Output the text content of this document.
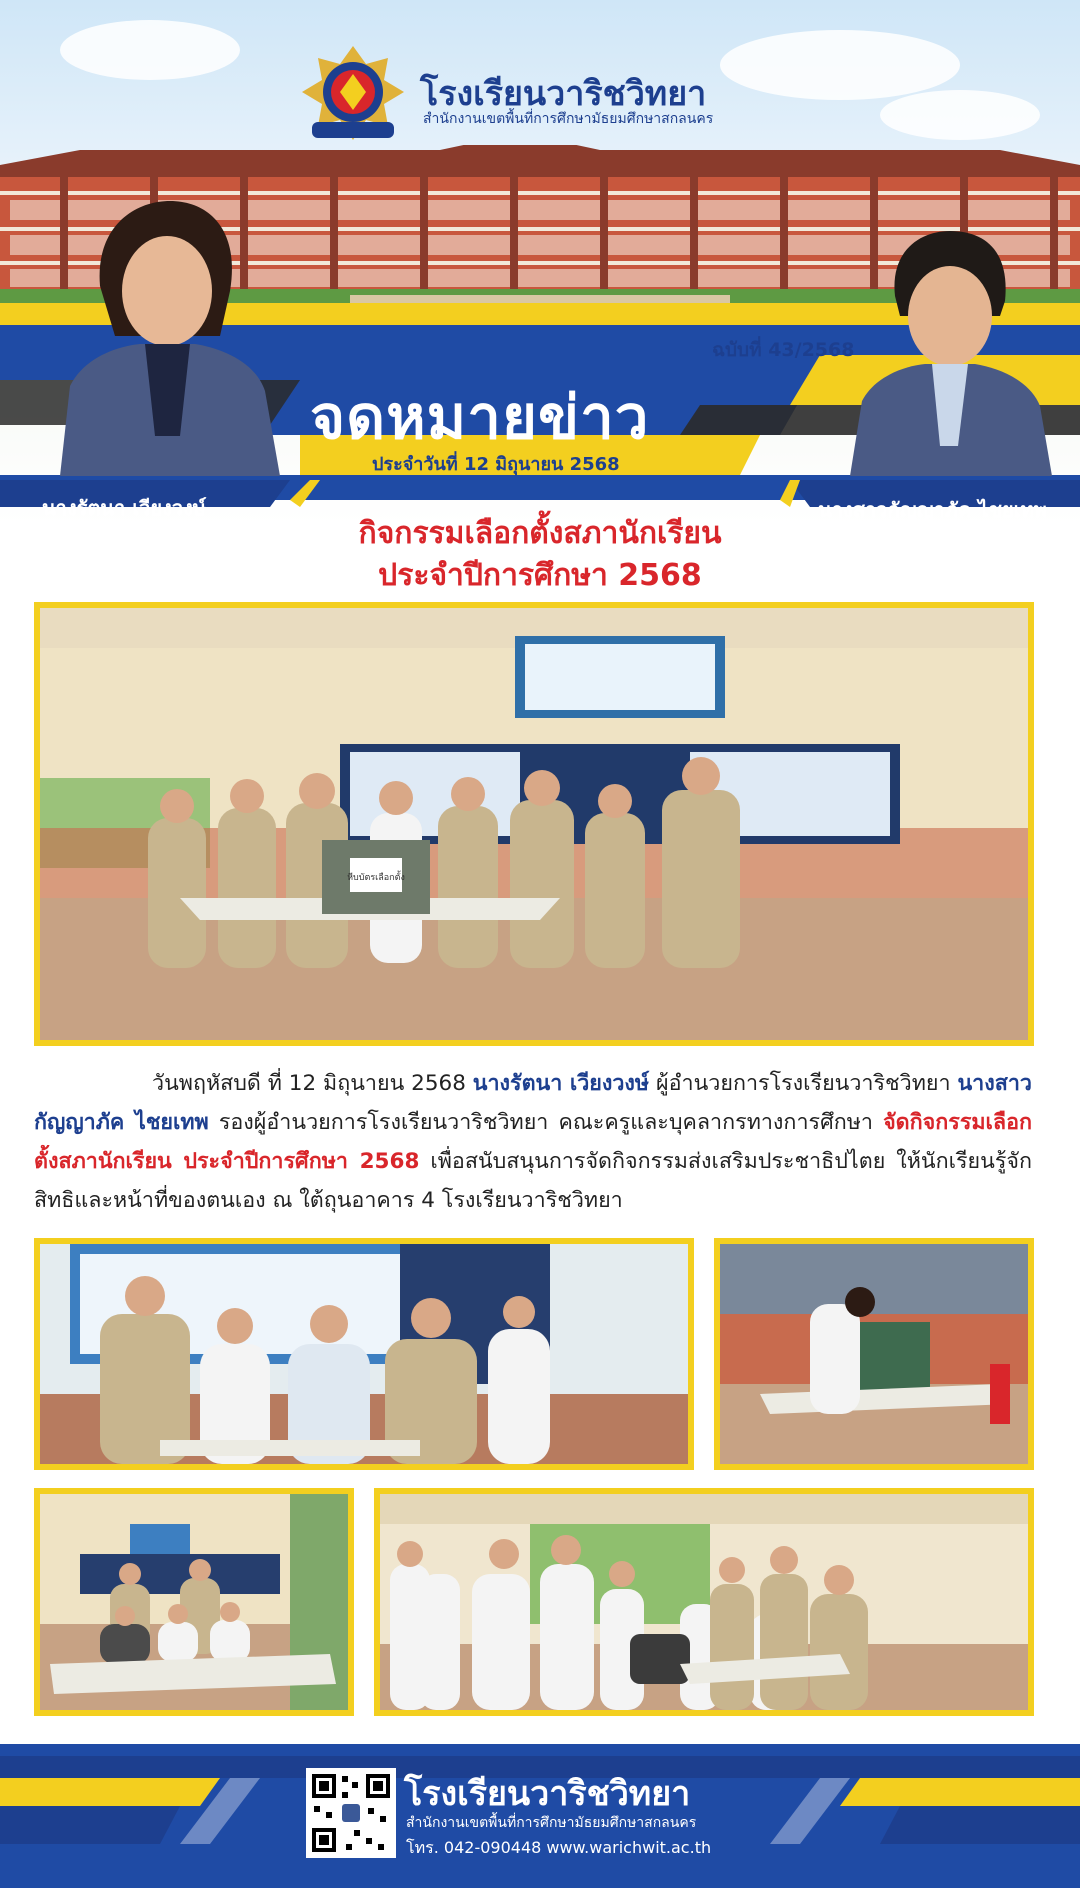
โรงเรียนวาริชวิทยา
สำนักงานเขตพื้นที่การศึกษามัธยมศึกษาสกลนคร
ฉบับที่ 43/2568
จดหมายข่าว
ประจำวันที่ 12 มิถุนายน 2568
นางรัตนา เวียงวงษ์	นางสาวกัญญาภัค ไชยเทพ
กิจกรรมเลือกตั้งสภานักเรียน
ประจำปีการศึกษา 2568
หีบบัตรเลือกตั้ง
วันพฤหัสบดี ที่ 12 มิถุนายน 2568 นางรัตนา เวียงวงษ์ ผู้อำนวยการโรงเรียนวาริชวิทยา นางสาวกัญญาภัค ไชยเทพ รองผู้อำนวยการโรงเรียนวาริชวิทยา คณะครูและบุคลากรทางการศึกษา จัดกิจกรรมเลือกตั้งสภานักเรียน ประจำปีการศึกษา 2568 เพื่อสนับสนุนการจัดกิจกรรมส่งเสริมประชาธิปไตย ให้นักเรียนรู้จักสิทธิและหน้าที่ของตนเอง ณ ใต้ถุนอาคาร 4 โรงเรียนวาริชวิทยา
โรงเรียนวาริชวิทยา
สำนักงานเขตพื้นที่การศึกษามัธยมศึกษาสกลนคร
โทร. 042-090448 www.warichwit.ac.th
